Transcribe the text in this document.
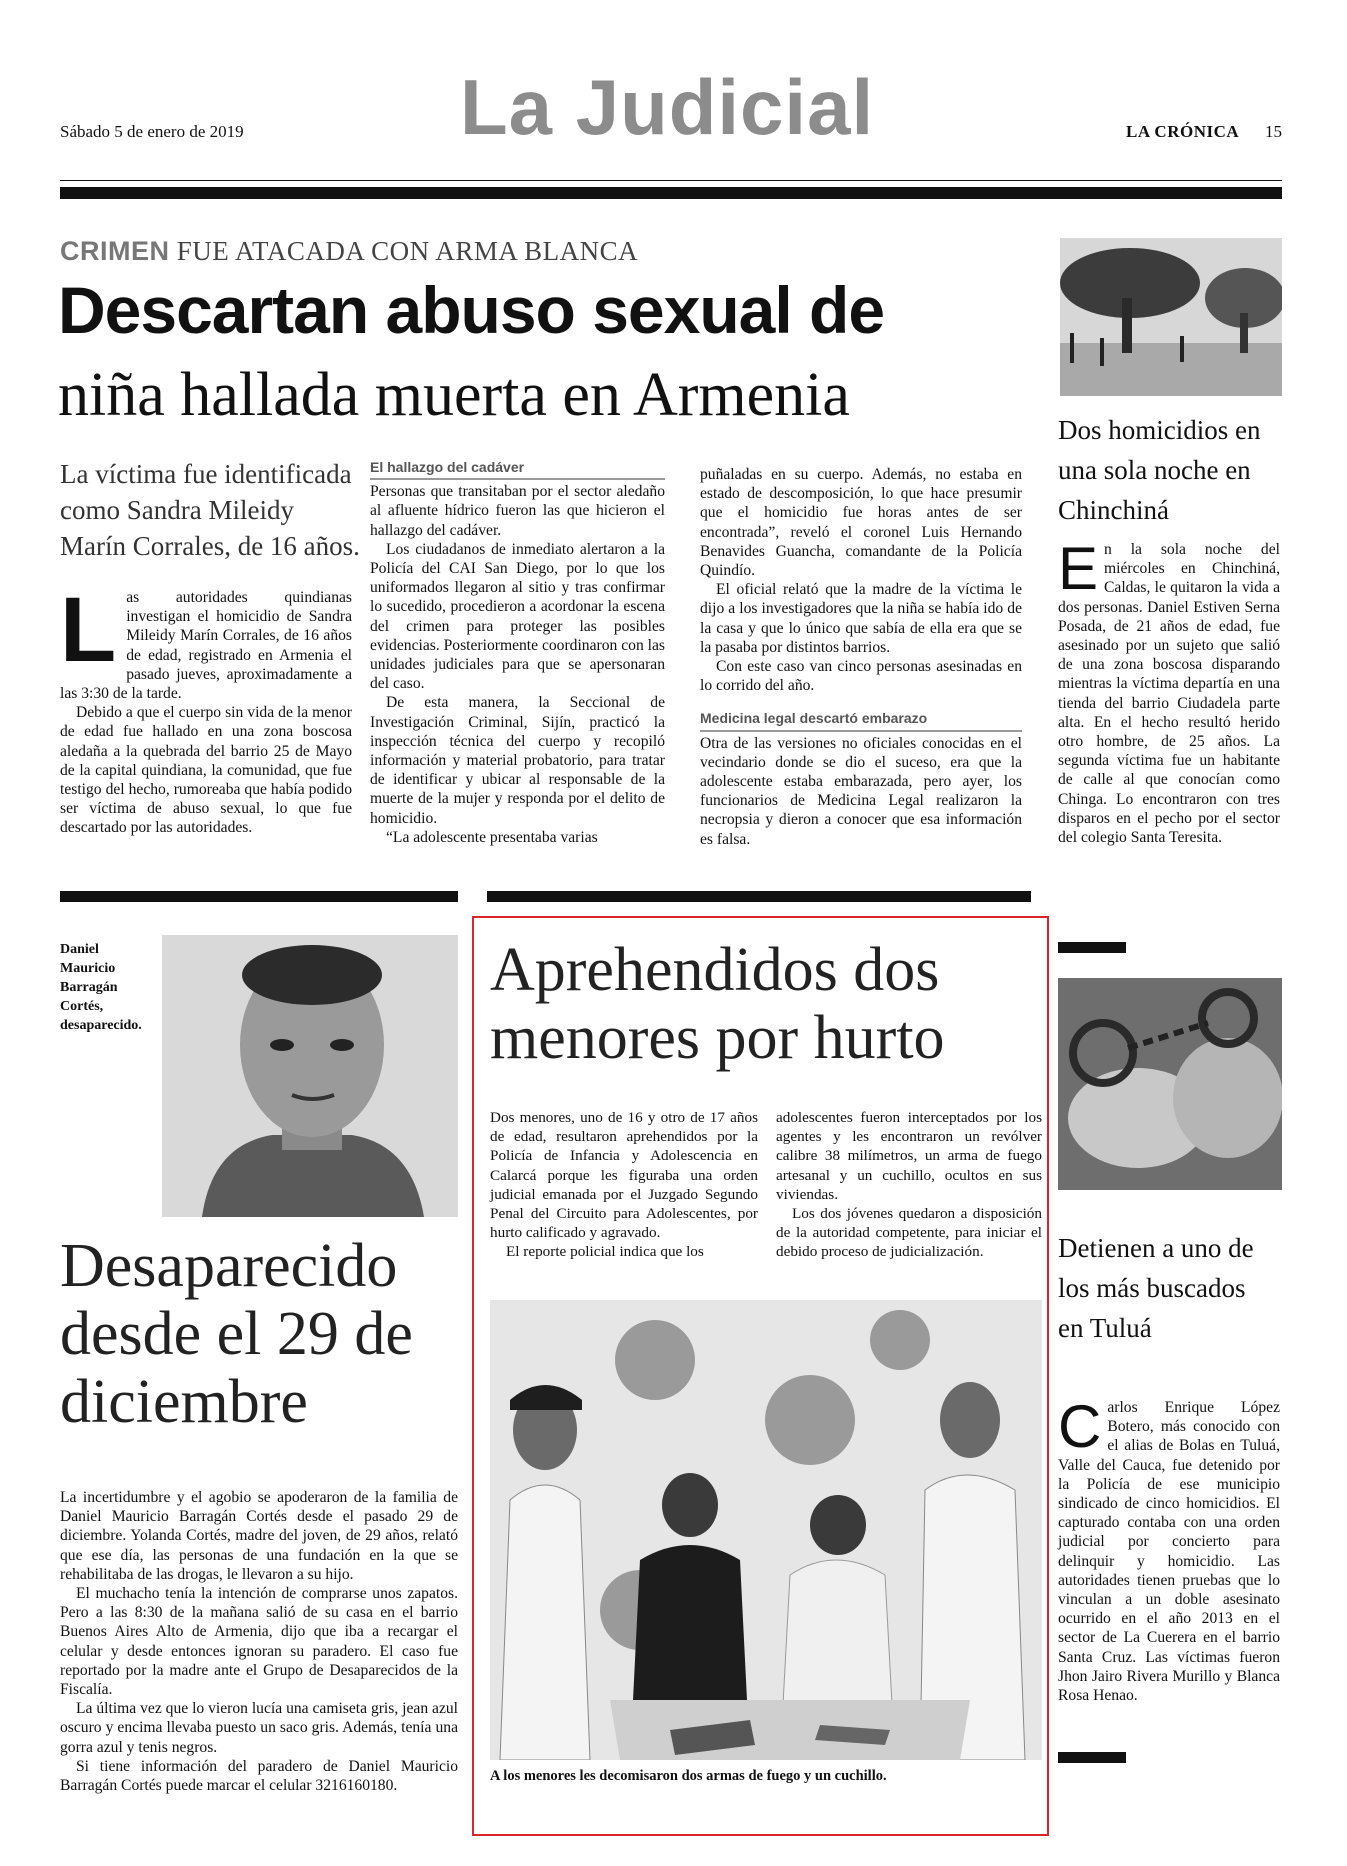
Sábado 5 de enero de 2019	La Judicial	LA CRÓNICA 15
CRIMEN FUE ATACADA CON ARMA BLANCA
Descartan abuso sexual de
niña hallada muerta en Armenia
La víctima fue identificada como Sandra Mileidy Marín Corrales, de 16 años.

Las autoridades quindianas investigan el homicidio de Sandra Mileidy Marín Corrales, de 16 años de edad, registrado en Armenia el pasado jueves, aproximadamente a las 3:30 de la tarde.

Debido a que el cuerpo sin vida de la menor de edad fue hallado en una zona boscosa aledaña a la quebrada del barrio 25 de Mayo de la capital quindiana, la comunidad, que fue testigo del hecho, rumoreaba que había podido ser víctima de abuso sexual, lo que fue descartado por las autoridades.

El hallazgo del cadáver

Personas que transitaban por el sector aledaño al afluente hídrico fueron las que hicieron el hallazgo del cadáver.

Los ciudadanos de inmediato alertaron a la Policía del CAI San Diego, por lo que los uniformados llegaron al sitio y tras confirmar lo sucedido, procedieron a acordonar la escena del crimen para proteger las posibles evidencias. Posteriormente coordinaron con las unidades judiciales para que se apersonaran del caso.

De esta manera, la Seccional de Investigación Criminal, Sijín, practicó la inspección técnica del cuerpo y recopiló información y material probatorio, para tratar de identificar y ubicar al responsable de la muerte de la mujer y responda por el delito de homicidio.

“La adolescente presentaba varias

puñaladas en su cuerpo. Además, no estaba en estado de descomposición, lo que hace presumir que el homicidio fue horas antes de ser encontrada”, reveló el coronel Luis Hernando Benavides Guancha, comandante de la Policía Quindío.

El oficial relató que la madre de la víctima le dijo a los investigadores que la niña se había ido de la casa y que lo único que sabía de ella era que se la pasaba por distintos barrios.

Con este caso van cinco personas asesinadas en lo corrido del año.

Medicina legal descartó embarazo

Otra de las versiones no oficiales conocidas en el vecindario donde se dio el suceso, era que la adolescente estaba embarazada, pero ayer, los funcionarios de Medicina Legal realizaron la necropsia y dieron a conocer que esa información es falsa.

Dos homicidios en una sola noche en Chinchiná

En la sola noche del miércoles en Chinchiná, Caldas, le quitaron la vida a dos personas. Daniel Estiven Serna Posada, de 21 años de edad, fue asesinado por un sujeto que salió de una zona boscosa disparando mientras la víctima departía en una tienda del barrio Ciudadela parte alta. En el hecho resultó herido otro hombre, de 25 años. La segunda víctima fue un habitante de calle al que conocían como Chinga. Lo encontraron con tres disparos en el pecho por el sector del colegio Santa Teresita.

Detienen a uno de los más buscados en Tuluá

Carlos Enrique López Botero, más conocido con el alias de Bolas en Tuluá, Valle del Cauca, fue detenido por la Policía de ese municipio sindicado de cinco homicidios. El capturado contaba con una orden judicial por concierto para delinquir y homicidio. Las autoridades tienen pruebas que lo vinculan a un doble asesinato ocurrido en el año 2013 en el sector de La Cuerera en el barrio Santa Cruz. Las víctimas fueron Jhon Jairo Rivera Murillo y Blanca Rosa Henao.

Daniel Mauricio Barragán Cortés, desaparecido.
Desaparecido desde el 29 de diciembre

La incertidumbre y el agobio se apoderaron de la familia de Daniel Mauricio Barragán Cortés desde el pasado 29 de diciembre. Yolanda Cortés, madre del joven, de 29 años, relató que ese día, las personas de una fundación en la que se rehabilitaba de las drogas, le llevaron a su hijo.

El muchacho tenía la intención de comprarse unos zapatos. Pero a las 8:30 de la mañana salió de su casa en el barrio Buenos Aires Alto de Armenia, dijo que iba a recargar el celular y desde entonces ignoran su paradero. El caso fue reportado por la madre ante el Grupo de Desaparecidos de la Fiscalía.

La última vez que lo vieron lucía una camiseta gris, jean azul oscuro y encima llevaba puesto un saco gris. Además, tenía una gorra azul y tenis negros.

Si tiene información del paradero de Daniel Mauricio Barragán Cortés puede marcar el celular 3216160180.

Aprehendidos dos menores por hurto

Dos menores, uno de 16 y otro de 17 años de edad, resultaron aprehendidos por la Policía de Infancia y Adolescencia en Calarcá porque les figuraba una orden judicial emanada por el Juzgado Segundo Penal del Circuito para Adolescentes, por hurto calificado y agravado.

El reporte policial indica que los

adolescentes fueron interceptados por los agentes y les encontraron un revólver calibre 38 milímetros, un arma de fuego artesanal y un cuchillo, ocultos en sus viviendas.

Los dos jóvenes quedaron a disposición de la autoridad competente, para iniciar el debido proceso de judicialización.

A los menores les decomisaron dos armas de fuego y un cuchillo.
